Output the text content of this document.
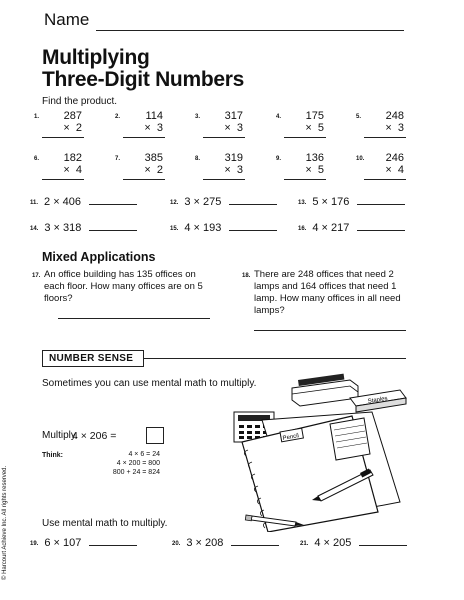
Name
Multiplying
Three-Digit Numbers
Find the product.
1. 287
×  2
2. 114
×  3
3. 317
×  3
4. 175
×  5
5. 248
×  3
6. 182
×  4
7. 385
×  2
8. 319
×  3
9. 136
×  5
10. 246
×  4
11. 2 × 406	12. 3 × 275	13. 5 × 176
14. 3 × 318	15. 4 × 193	16. 4 × 217
Mixed Applications
17. An office building has 135 offices on each floor. How many offices are on 5 floors?
18. There are 248 offices that need 2 lamps and 164 offices that need 1 lamp. How many offices in all need lamps?
NUMBER SENSE
Sometimes you can use mental math to multiply.
Multiply.
4 × 206 =
Think:	4 × 6 = 24
4 × 200 = 800
800 + 24 = 824
Use mental math to multiply.
19. 6 × 107	20. 3 × 208	21. 4 × 205
Staples
Pencil
© Harcourt Achieve Inc. All rights reserved.
